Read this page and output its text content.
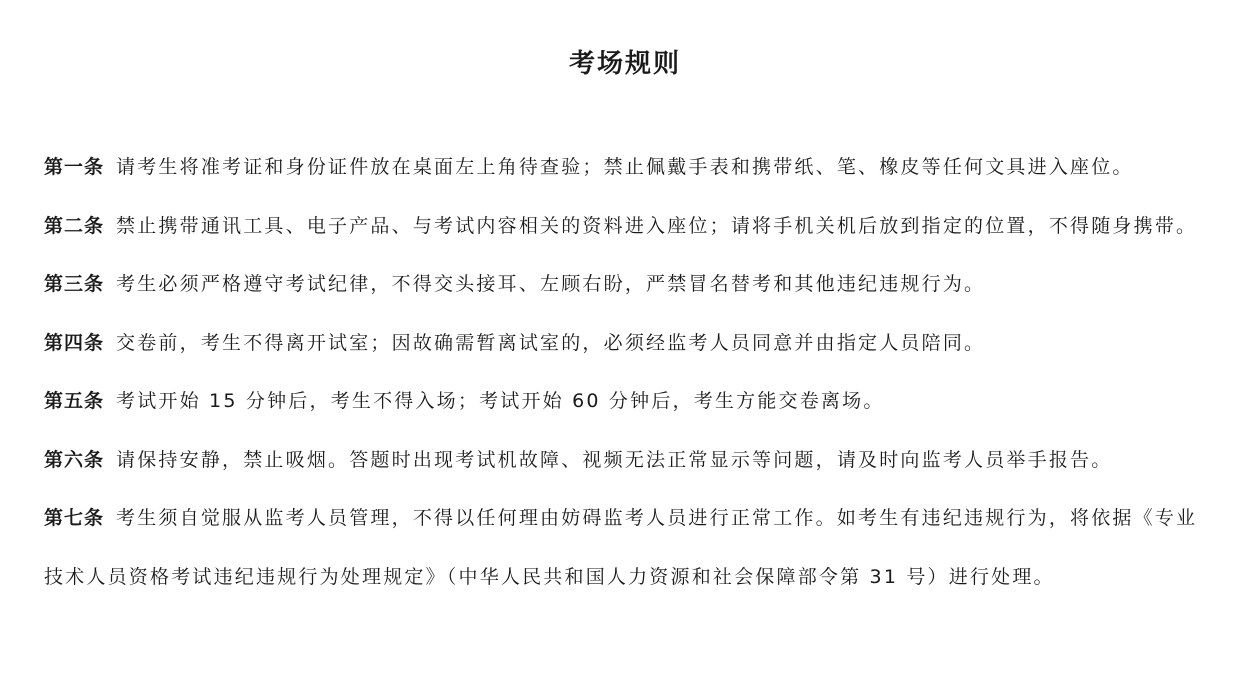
考场规则

第一条 请考生将准考证和身份证件放在桌面左上角待查验；禁止佩戴手表和携带纸、笔、橡皮等任何文具进入座位。

第二条 禁止携带通讯工具、电子产品、与考试内容相关的资料进入座位；请将手机关机后放到指定的位置，不得随身携带。

第三条 考生必须严格遵守考试纪律，不得交头接耳、左顾右盼，严禁冒名替考和其他违纪违规行为。

第四条 交卷前，考生不得离开试室；因故确需暂离试室的，必须经监考人员同意并由指定人员陪同。

第五条 考试开始 15 分钟后，考生不得入场；考试开始 60 分钟后，考生方能交卷离场。

第六条 请保持安静，禁止吸烟。答题时出现考试机故障、视频无法正常显示等问题，请及时向监考人员举手报告。

第七条 考生须自觉服从监考人员管理，不得以任何理由妨碍监考人员进行正常工作。如考生有违纪违规行为，将依据《专业技术人员资格考试违纪违规行为处理规定》（中华人民共和国人力资源和社会保障部令第 31 号）进行处理。
